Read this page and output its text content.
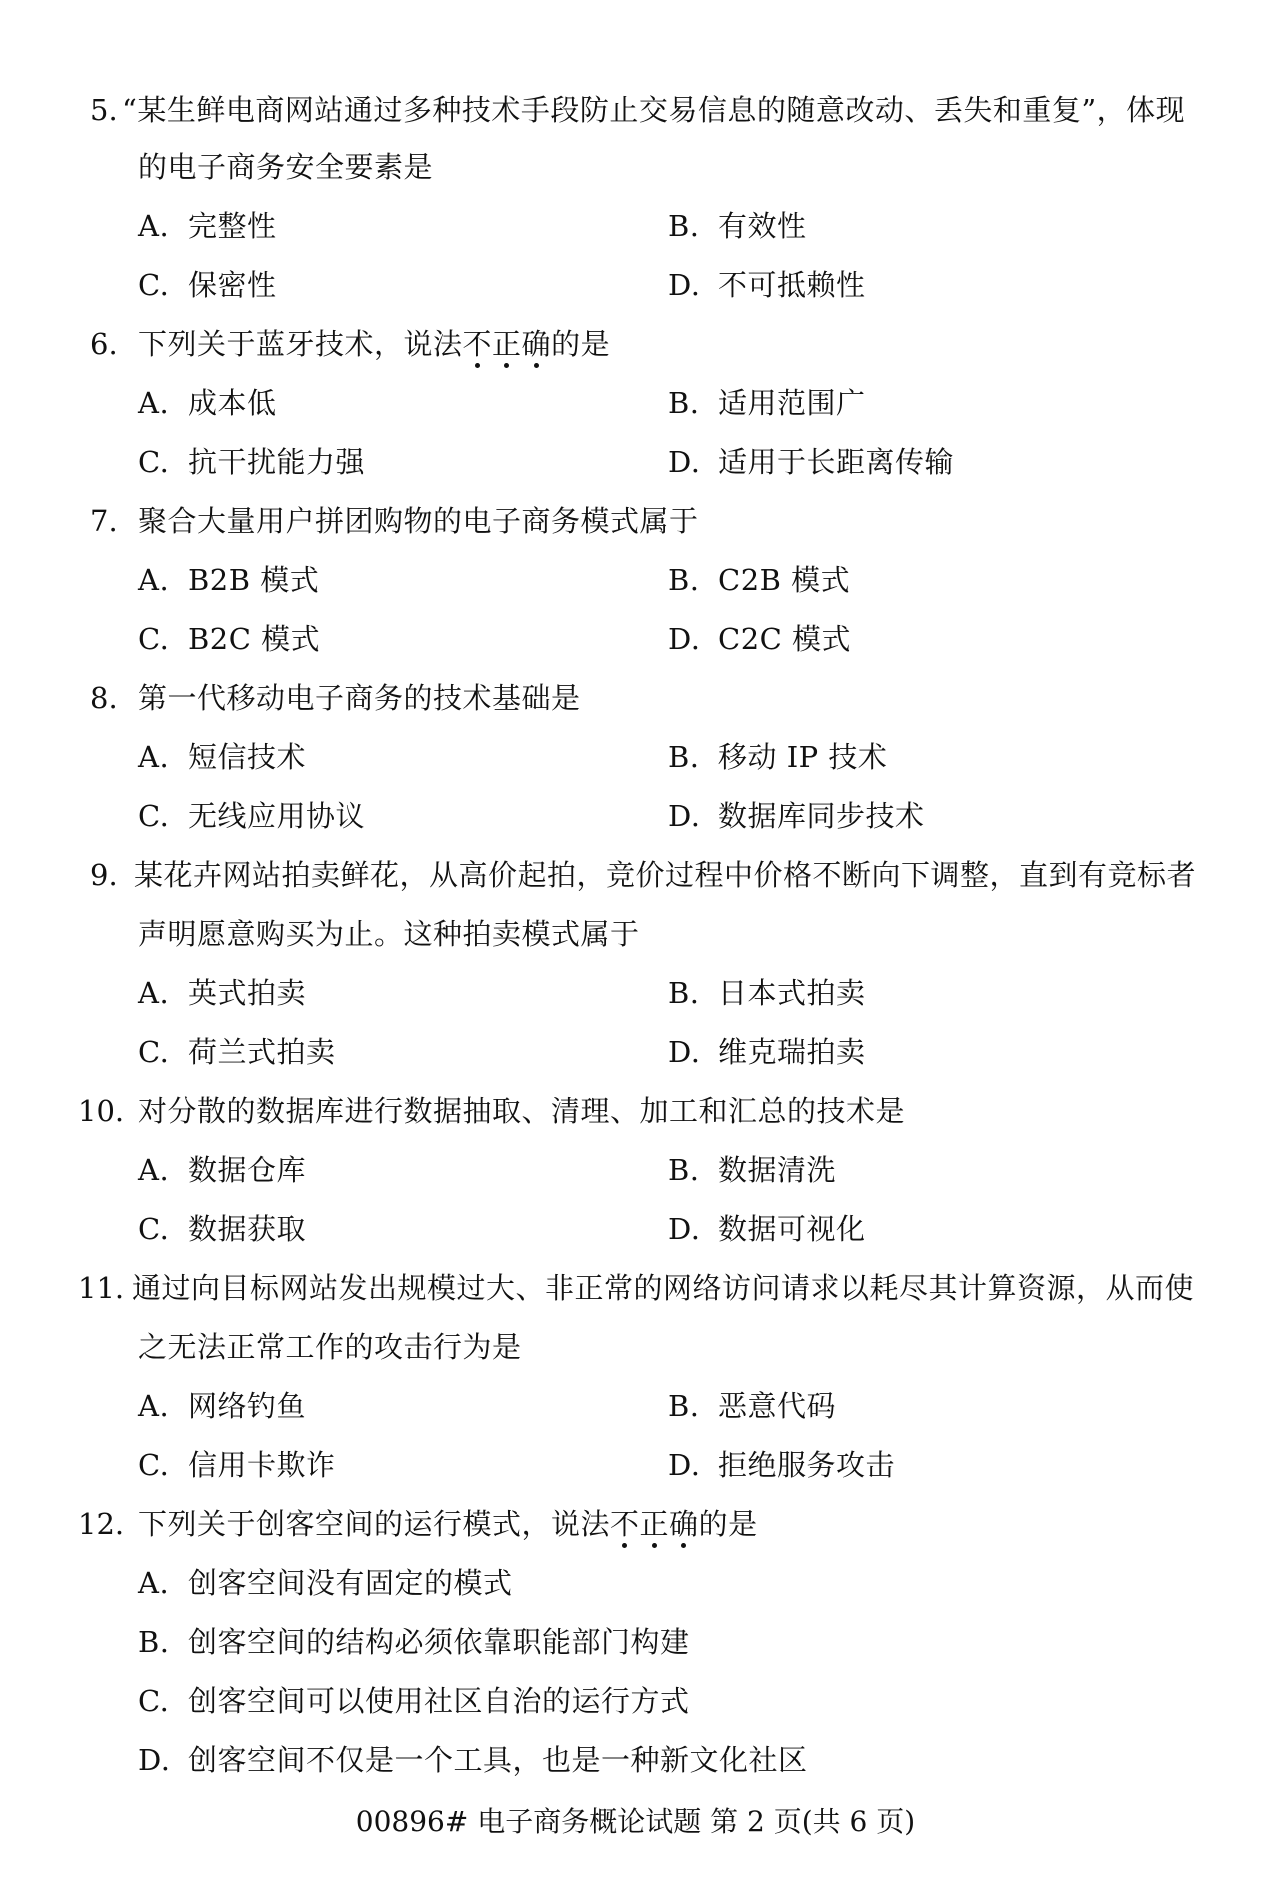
5. “某生鲜电商网站通过多种技术手段防止交易信息的随意改动、丢失和重复”，体现
的电子商务安全要素是
A. 完整性	B. 有效性
C. 保密性	D. 不可抵赖性
6. 下列关于蓝牙技术，说法不正确的是
A. 成本低	B. 适用范围广
C. 抗干扰能力强	D. 适用于长距离传输
7. 聚合大量用户拼团购物的电子商务模式属于
A. B2B 模式	B. C2B 模式
C. B2C 模式	D. C2C 模式
8. 第一代移动电子商务的技术基础是
A. 短信技术	B. 移动 IP 技术
C. 无线应用协议	D. 数据库同步技术
9. 某花卉网站拍卖鲜花，从高价起拍，竞价过程中价格不断向下调整，直到有竞标者
声明愿意购买为止。这种拍卖模式属于
A. 英式拍卖	B. 日本式拍卖
C. 荷兰式拍卖	D. 维克瑞拍卖
10. 对分散的数据库进行数据抽取、清理、加工和汇总的技术是
A. 数据仓库	B. 数据清洗
C. 数据获取	D. 数据可视化
11. 通过向目标网站发出规模过大、非正常的网络访问请求以耗尽其计算资源，从而使
之无法正常工作的攻击行为是
A. 网络钓鱼	B. 恶意代码
C. 信用卡欺诈	D. 拒绝服务攻击
12. 下列关于创客空间的运行模式，说法不正确的是
A. 创客空间没有固定的模式
B. 创客空间的结构必须依靠职能部门构建
C. 创客空间可以使用社区自治的运行方式
D. 创客空间不仅是一个工具，也是一种新文化社区
00896# 电子商务概论试题 第 2 页(共 6 页)
